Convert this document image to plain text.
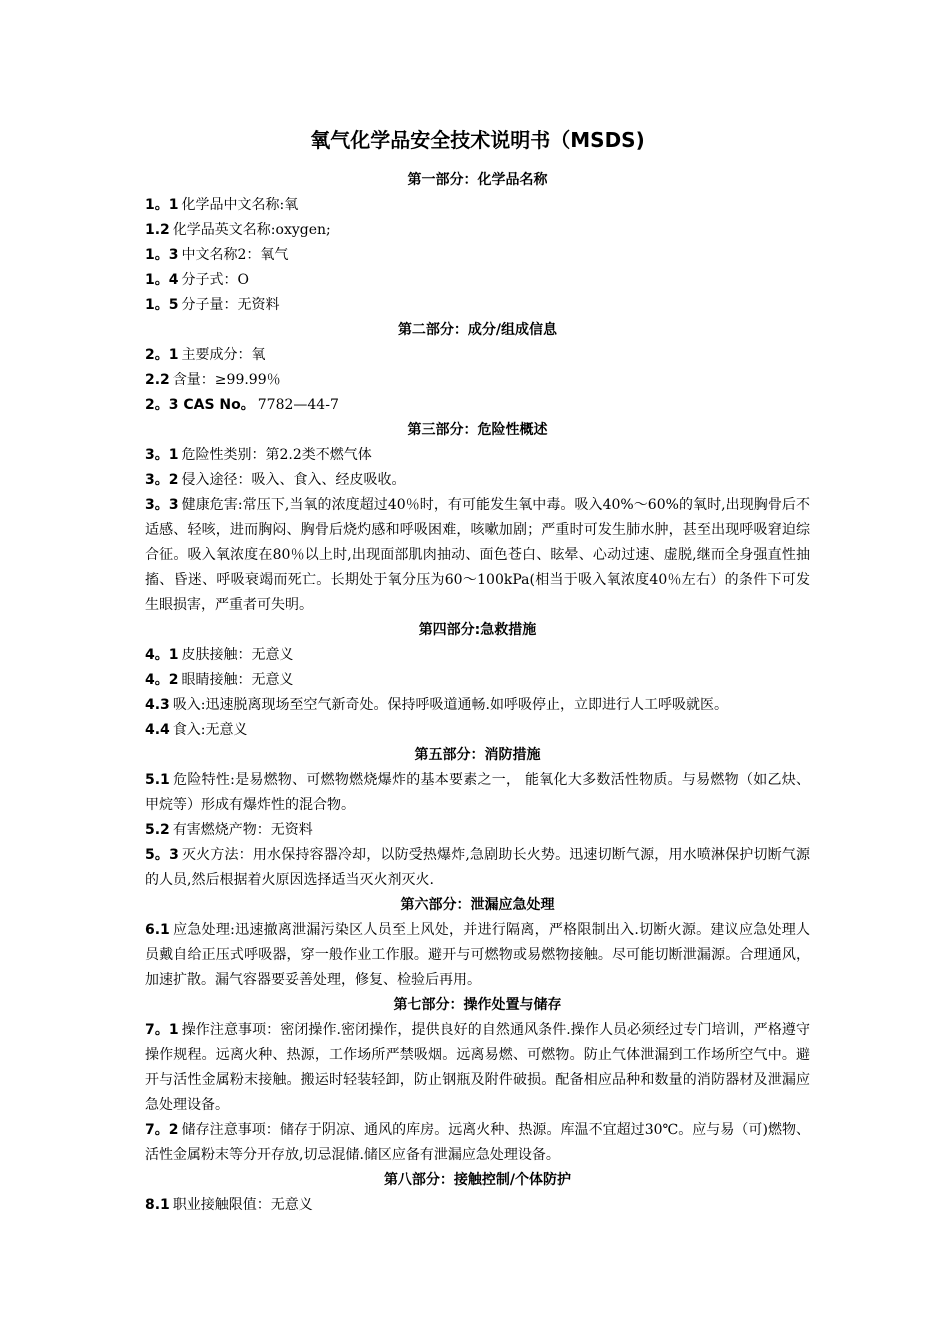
氧气化学品安全技术说明书（MSDS)
第一部分：化学品名称

1。1 化学品中文名称:氧

1.2 化学品英文名称:oxygen;

1。3 中文名称2：氧气

1。4 分子式：O

1。5 分子量：无资料

第二部分：成分/组成信息

2。1 主要成分：氧

2.2 含量：≥99.99％

2。3 CAS No。 7782—44-7

第三部分：危险性概述

3。1 危险性类别：第2.2类不燃气体

3。2 侵入途径：吸入、食入、经皮吸收。

3。3 健康危害:常压下,当氧的浓度超过40％时，有可能发生氧中毒。吸入40%～60%的氧时,出现胸骨后不适感、轻咳，进而胸闷、胸骨后烧灼感和呼吸困难，咳嗽加剧；严重时可发生肺水肿，甚至出现呼吸窘迫综合征。吸入氧浓度在80％以上时,出现面部肌肉抽动、面色苍白、眩晕、心动过速、虚脱,继而全身强直性抽搐、昏迷、呼吸衰竭而死亡。长期处于氧分压为60～100kPa(相当于吸入氧浓度40％左右）的条件下可发生眼损害，严重者可失明。

第四部分:急救措施

4。1 皮肤接触：无意义

4。2 眼睛接触：无意义

4.3 吸入:迅速脱离现场至空气新奇处。保持呼吸道通畅.如呼吸停止，立即进行人工呼吸就医。

4.4 食入:无意义

第五部分：消防措施

5.1 危险特性:是易燃物、可燃物燃烧爆炸的基本要素之一， 能氧化大多数活性物质。与易燃物（如乙炔、甲烷等）形成有爆炸性的混合物。

5.2 有害燃烧产物：无资料

5。3 灭火方法：用水保持容器冷却，以防受热爆炸,急剧助长火势。迅速切断气源，用水喷淋保护切断气源的人员,然后根据着火原因选择适当灭火剂灭火.

第六部分：泄漏应急处理

6.1 应急处理:迅速撤离泄漏污染区人员至上风处，并进行隔离，严格限制出入.切断火源。建议应急处理人员戴自给正压式呼吸器，穿一般作业工作服。避开与可燃物或易燃物接触。尽可能切断泄漏源。合理通风，加速扩散。漏气容器要妥善处理，修复、检验后再用。

第七部分：操作处置与储存

7。1 操作注意事项：密闭操作.密闭操作，提供良好的自然通风条件.操作人员必须经过专门培训，严格遵守操作规程。远离火种、热源，工作场所严禁吸烟。远离易燃、可燃物。防止气体泄漏到工作场所空气中。避开与活性金属粉末接触。搬运时轻装轻卸，防止钢瓶及附件破损。配备相应品种和数量的消防器材及泄漏应急处理设备。

7。2 储存注意事项：储存于阴凉、通风的库房。远离火种、热源。库温不宜超过30℃。应与易（可)燃物、活性金属粉末等分开存放,切忌混储.储区应备有泄漏应急处理设备。

第八部分：接触控制/个体防护

8.1 职业接触限值：无意义
